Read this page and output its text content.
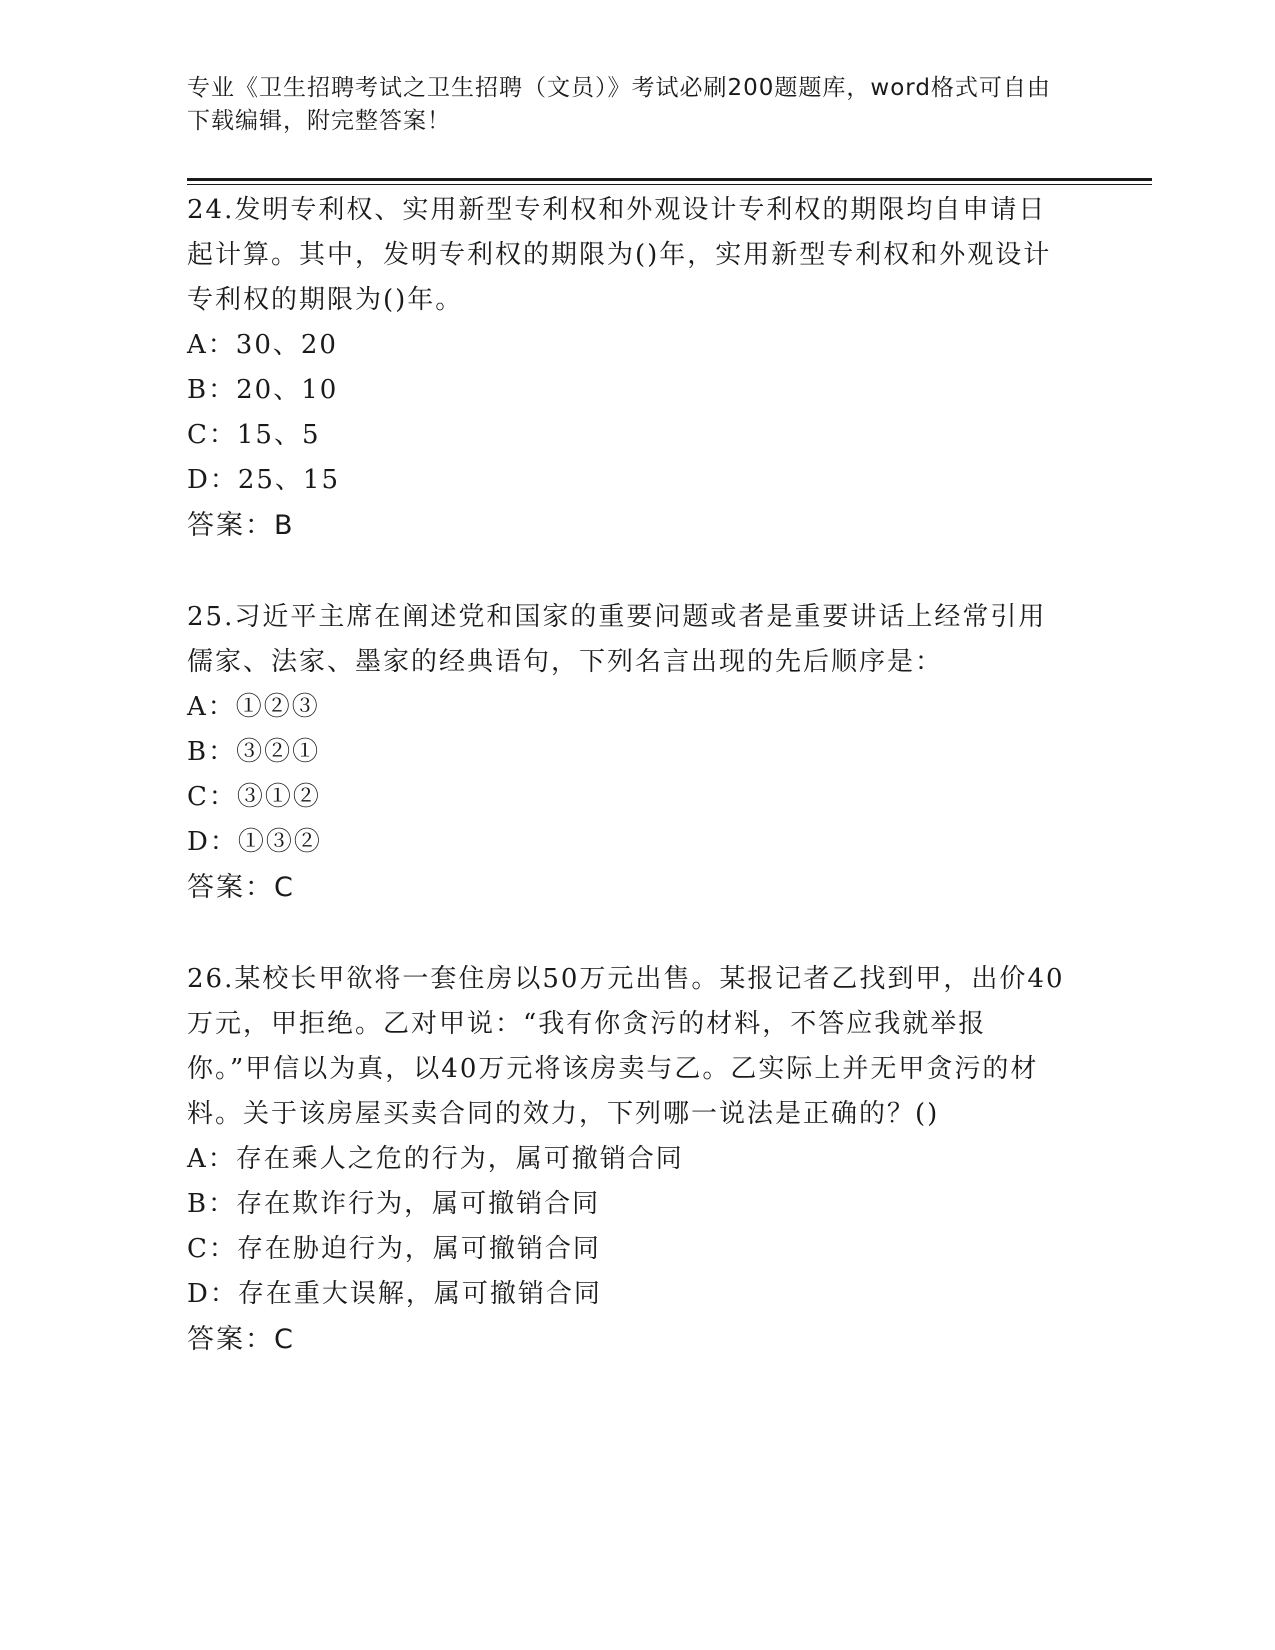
专业《卫生招聘考试之卫生招聘（文员）》考试必刷200题题库，word格式可自由下载编辑，附完整答案！

24.发明专利权、实用新型专利权和外观设计专利权的期限均自申请日起计算。其中，发明专利权的期限为()年，实用新型专利权和外观设计专利权的期限为()年。

A：30、20

B：20、10

C：15、5

D：25、15

答案：B

25.习近平主席在阐述党和国家的重要问题或者是重要讲话上经常引用儒家、法家、墨家的经典语句，下列名言出现的先后顺序是：

A：①②③

B：③②①

C：③①②

D：①③②

答案：C

26.某校长甲欲将一套住房以50万元出售。某报记者乙找到甲，出价40万元，甲拒绝。乙对甲说：“我有你贪污的材料，不答应我就举报你。”甲信以为真，以40万元将该房卖与乙。乙实际上并无甲贪污的材料。关于该房屋买卖合同的效力，下列哪一说法是正确的？()

A：存在乘人之危的行为，属可撤销合同

B：存在欺诈行为，属可撤销合同

C：存在胁迫行为，属可撤销合同

D：存在重大误解，属可撤销合同

答案：C
